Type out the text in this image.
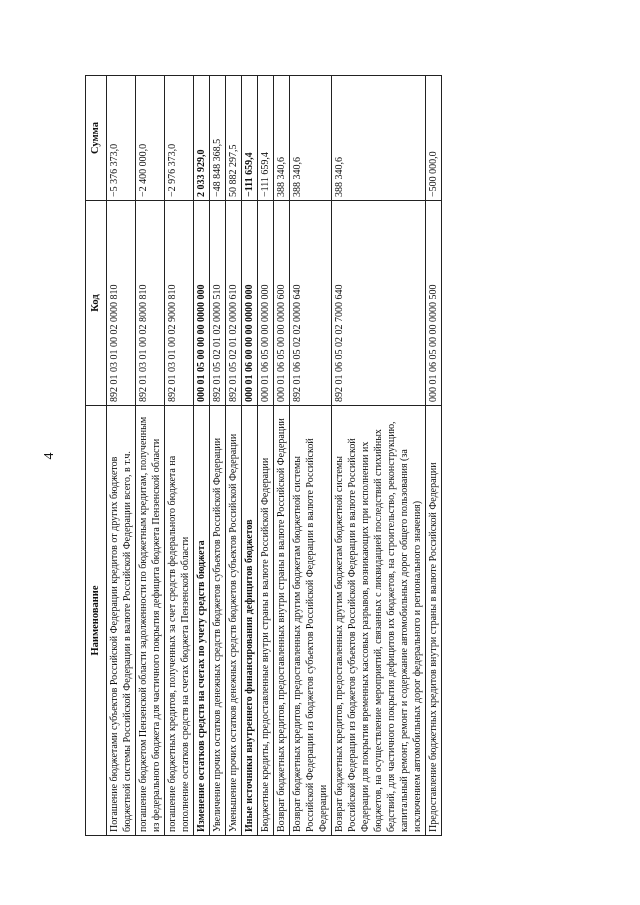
4
Наименование	Код	Сумма
Погашение бюджетами субъектов Российской Федерации кредитов от других бюджетов бюджетной системы Российской Федерации в валюте Российской Федерации всего, в т.ч.	892 01 03 01 00 02 0000 810	−5 376 373,0
погашение бюджетом Пензенской области задолженности по бюджетным кредитам, полученным из федерального бюджета для частичного покрытия дефицита бюджета Пензенской области	892 01 03 01 00 02 8000 810	−2 400 000,0
погашение бюджетных кредитов, полученных за счет средств федерального бюджета на пополнение остатков средств на счетах бюджета Пензенской области	892 01 03 01 00 02 9000 810	−2 976 373,0
Изменение остатков средств на счетах по учету средств бюджета	000 01 05 00 00 00 0000 000	2 033 929,0
Увеличение прочих остатков денежных средств бюджетов субъектов Российской Федерации	892 01 05 02 01 02 0000 510	−48 848 368,5
Уменьшение прочих остатков денежных средств бюджетов субъектов Российской Федерации	892 01 05 02 01 02 0000 610	50 882 297,5
Иные источники внутреннего финансирования дефицитов бюджетов	000 01 06 00 00 00 0000 000	−111 659,4
Бюджетные кредиты, предоставленные внутри страны в валюте Российской Федерации	000 01 06 05 00 00 0000 000	−111 659,4
Возврат бюджетных кредитов, предоставленных внутри страны в валюте Российской Федерации	000 01 06 05 00 00 0000 600	388 340,6
Возврат бюджетных кредитов, предоставленных другим бюджетам бюджетной системы Российской Федерации из бюджетов субъектов Российской Федерации в валюте Российской Федерации	892 01 06 05 02 02 0000 640	388 340,6
Возврат бюджетных кредитов, предоставленных другим бюджетам бюджетной системы Российской Федерации из бюджетов субъектов Российской Федерации в валюте Российской Федерации для покрытия временных кассовых разрывов, возникающих при исполнении их бюджетов, на осуществление мероприятий, связанных с ликвидацией последствий стихийных бедствий, для частичного покрытия дефицитов их бюджетов, на строительство, реконструкцию, капитальный ремонт, ремонт и содержание автомобильных дорог общего пользования (за исключением автомобильных дорог федерального и регионального значения)	892 01 06 05 02 02 7000 640	388 340,6
Предоставление бюджетных кредитов внутри страны в валюте Российской Федерации	000 01 06 05 00 00 0000 500	−500 000,0
